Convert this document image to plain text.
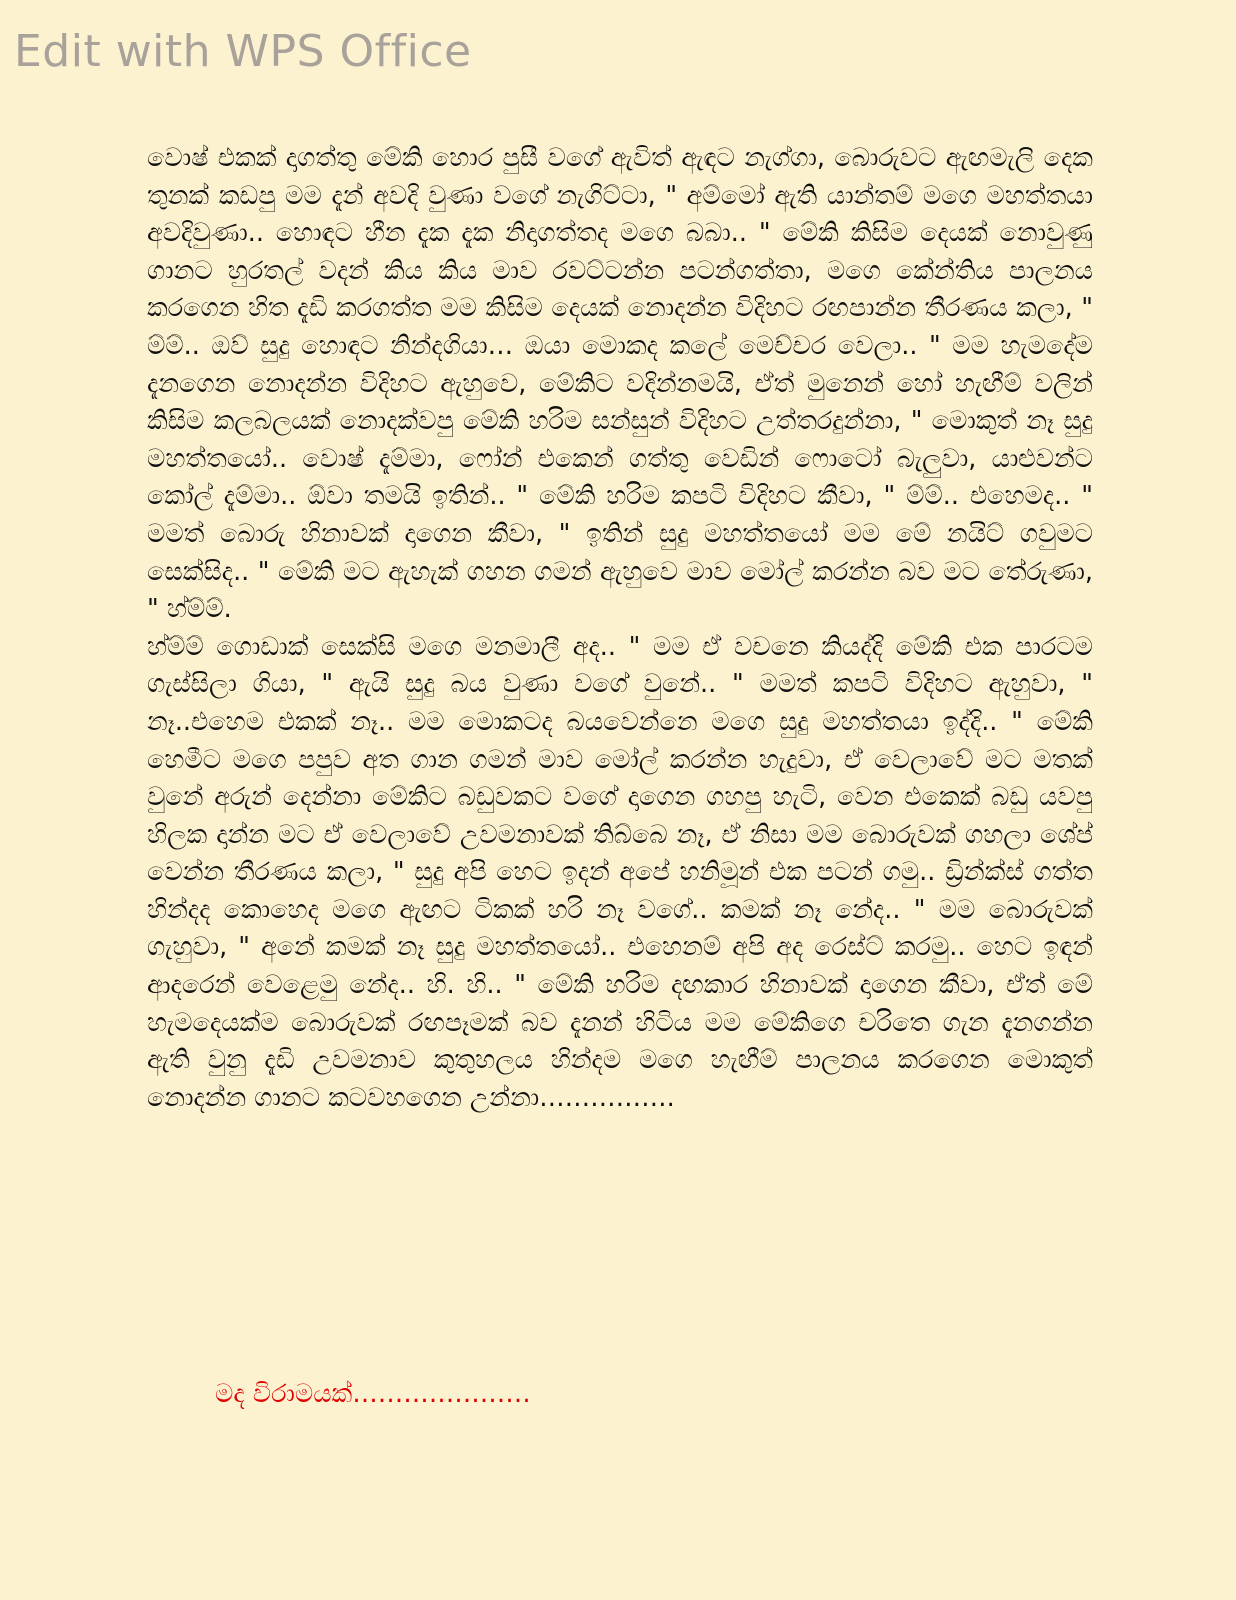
Edit with WPS Office

වොෂ් එකක් දාගත්තු මේකි හොර පුසී වගේ ඇවිත් ඇඳට නැග්ගා, බොරුවට ඇඟමැලි දෙක තුනක් කඩපු මම දැන් අවදි වුණා වගේ නැගිට්ටා, " අම්මෝ ඇති යාන්තම් මගෙ මහත්තයා අවදිවුණා.. හොඳට හීන දැක දැක නිදාගත්තද මගෙ බබා.. " මේකි කිසිම දෙයක් නොවුණු ගානට හුරතල් වදන් කිය කිය මාව රවට්ටන්න පටන්ගත්තා, මගෙ කේන්තිය පාලනය කරගෙන හිත දැඩි කරගත්ත මම කිසිම දෙයක් නොදන්න විදිහට රඟපාන්න තීරණය කලා, " ම්ම්.. ඔව් සුදු හොඳට නින්දගියා… ඔයා මොකද කලේ මෙච්චර වෙලා.. " මම හැමදේම දැනගෙන නොදන්න විදිහට ඇහුවෙ, මේකිට වදින්නමයි, ඒත් මුනෙන් හෝ හැඟීම් වලින් කිසිම කලබලයක් නොදක්වපු මේකි හරිම සන්සුන් විදිහට උත්තරදුන්නා, " මොකුත් නෑ සුදු මහත්තයෝ.. වොෂ් දැම්මා, ෆෝන් එකෙන් ගත්තු වෙඩින් ෆොටෝ බැලුවා, යාළුවන්ට කෝල් දැම්මා.. ඕවා තමයි ඉතින්.. " මේකි හරිම කපටි විදිහට කීවා, " ම්ම්.. එහෙමද.. " මමත් බොරු හිනාවක් දාගෙන කීවා, " ඉතින් සුදු මහත්තයෝ මම මේ නයිට් ගවුමට සෙක්සිද.. " මේකි මට ඇහැක් ගහන ගමන් ඇහුවෙ මාව මෝල් කරන්න බව මට තේරුණා, " හ්ම්ම්.

හ්ම්ම් ගොඩාක් සෙක්සි මගෙ මනමාලී අද.. " මම ඒ වචනෙ කියද්දි මේකි එක පාරටම ගැස්සිලා ගියා, " ඇයි සුදු බය වුණා වගේ වුනේ.. " මමත් කපටි විදිහට ඇහුවා, " නෑ..එහෙම එකක් නෑ.. මම මොකටද බයවෙන්නෙ මගෙ සුදු මහත්තයා ඉද්දි.. " මේකි හෙමීට මගෙ පපුව අත ගාන ගමන් මාව මෝල් කරන්න හැදුවා, ඒ වෙලාවේ මට මතක් වුනේ අරුන් දෙන්නා මේකිට බඩුවකට වගේ දාගෙන ගහපු හැටි, වෙන එකෙක් බඩු යවපු හිලක දාන්න මට ඒ වෙලාවේ උවමනාවක් තිබ්බෙ නෑ, ඒ නිසා මම බොරුවක් ගහලා ශේප් වෙන්න තීරණය කලා, " සුදු අපි හෙට ඉදන් අපේ හනිමූන් එක පටන් ගමු.. ඩ්‍රින්ක්ස් ගත්ත හින්දද කොහෙද මගෙ ඇඟට ටිකක් හරි නෑ වගේ.. කමක් නෑ නේද.. " මම බොරුවක් ගැහුවා, " අනේ කමක් නෑ සුදු මහත්තයෝ.. එහෙනම් අපි අද රෙස්ට් කරමු.. හෙට ඉඳන් ආදරෙන් වෙළෙමු නේද.. හි. හි.. " මේකි හරිම දඟකාර හිනාවක් දාගෙන කීවා, ඒත් මේ හැමදෙයක්ම බොරුවක් රඟපෑමක් බව දැනන් හිටිය මම මේකිගෙ චරිතෙ ගැන දැනගන්න ඇති වුනු දැඩි උවමනාව කුතුහලය හින්දම මගෙ හැඟීම් පාලනය කරගෙන මොකුත් නොදන්න ගානට කටවහගෙන උන්නා…………….

මද විරාමයක්…………………
